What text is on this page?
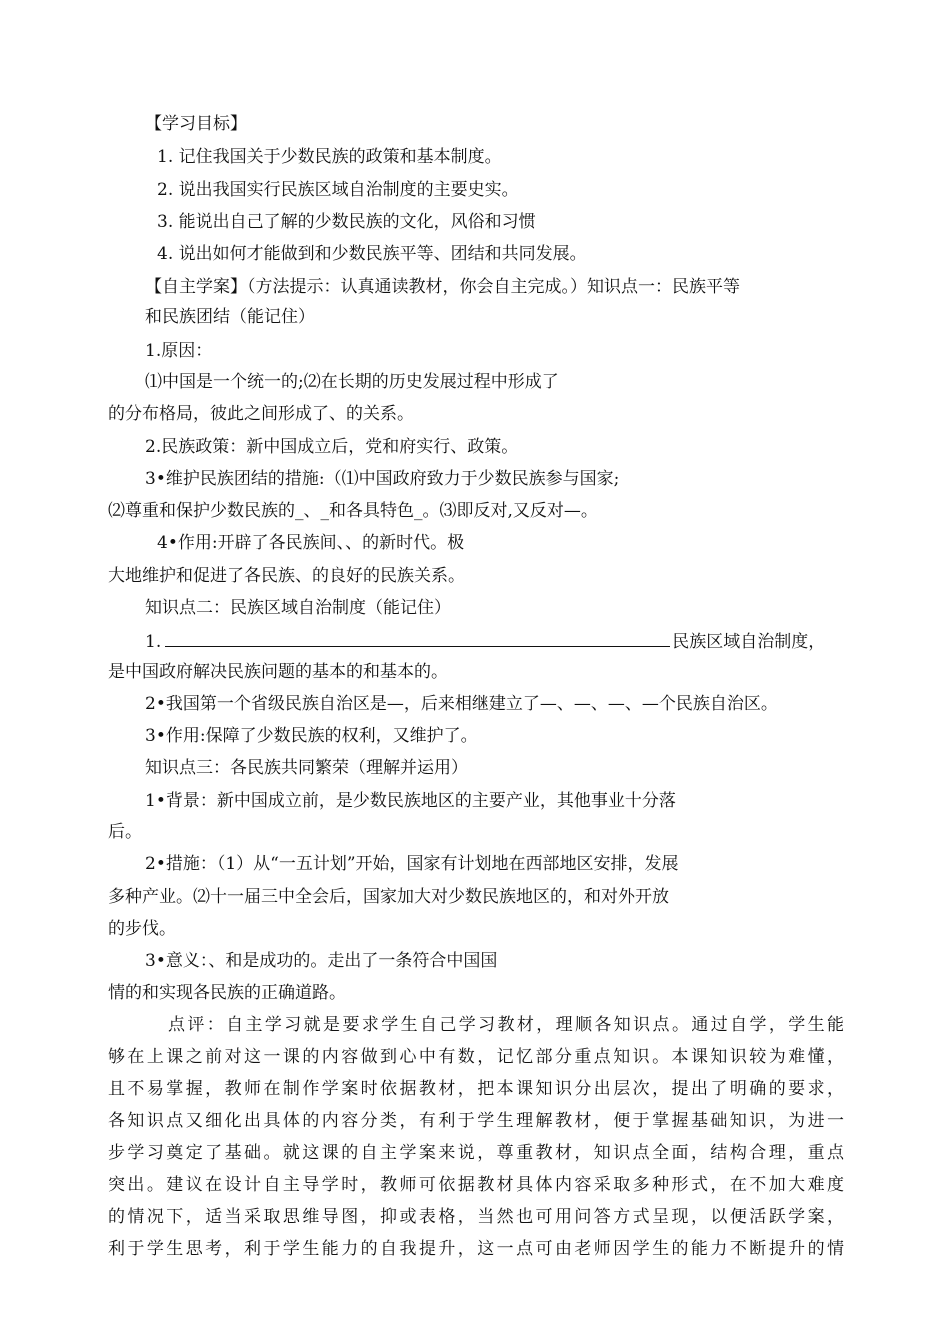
【学习目标】

1. 记住我国关于少数民族的政策和基本制度。

2. 说出我国实行民族区域自治制度的主要史实。

3. 能说出自己了解的少数民族的文化，风俗和习惯

4. 说出如何才能做到和少数民族平等、团结和共同发展。

【自主学案】（方法提示：认真通读教材，你会自主完成。）知识点一：民族平等

和民族团结（能记住）

1.原因：

⑴中国是一个统一的;⑵在长期的历史发展过程中形成了

的分布格局，彼此之间形成了、的关系。

2.民族政策：新中国成立后，党和府实行、政策。

3•维护民族团结的措施:（⑴中国政府致力于少数民族参与国家;

⑵尊重和保护少数民族的_、_和各具特色_。⑶即反对,又反对—。

4•作用:开辟了各民族间、、的新时代。极

大地维护和促进了各民族、的良好的民族关系。

知识点二：民族区域自治制度（能记住）

1.	民族区域自治制度，

是中国政府解决民族问题的基本的和基本的。

2•我国第一个省级民族自治区是—，后来相继建立了—、—、—、—个民族自治区。

3•作用:保障了少数民族的权利，又维护了。

知识点三：各民族共同繁荣（理解并运用）

1•背景：新中国成立前，是少数民族地区的主要产业，其他事业十分落

后。

2•措施：（1）从“一五计划”开始，国家有计划地在西部地区安排，发展

多种产业。⑵十一届三中全会后，国家加大对少数民族地区的，和对外开放

的步伐。

3•意义：、和是成功的。走出了一条符合中国国

情的和实现各民族的正确道路。

点评：自主学习就是要求学生自己学习教材，理顺各知识点。通过自学，学生能

够在上课之前对这一课的内容做到心中有数，记忆部分重点知识。本课知识较为难懂，

且不易掌握，教师在制作学案时依据教材，把本课知识分出层次，提出了明确的要求，

各知识点又细化出具体的内容分类，有利于学生理解教材，便于掌握基础知识，为进一

步学习奠定了基础。就这课的自主学案来说，尊重教材，知识点全面，结构合理，重点

突出。建议在设计自主导学时，教师可依据教材具体内容采取多种形式，在不加大难度

的情况下，适当采取思维导图，抑或表格，当然也可用问答方式呈现，以便活跃学案，

利于学生思考，利于学生能力的自我提升，这一点可由老师因学生的能力不断提升的情
